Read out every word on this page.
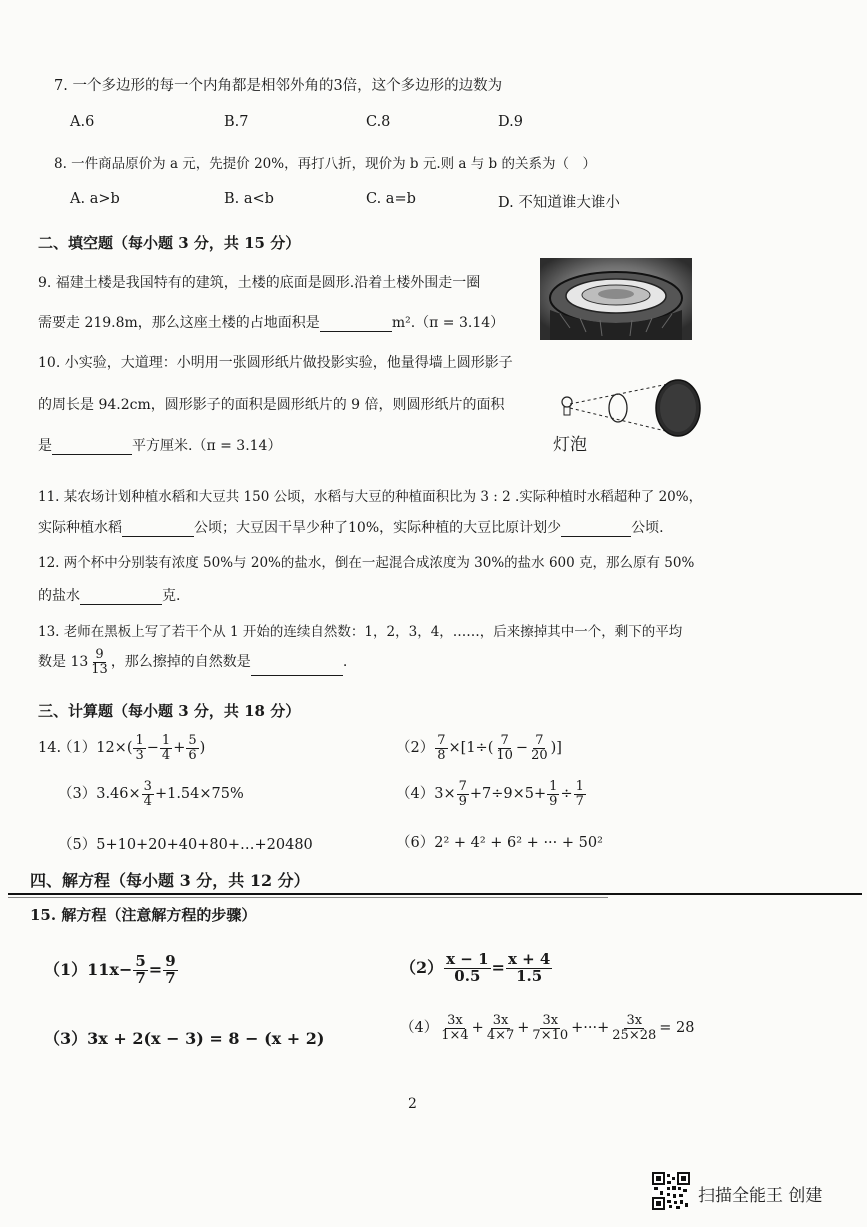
7. 一个多边形的每一个内角都是相邻外角的3倍，这个多边形的边数为
A.6	B.7	C.8	D.9
8. 一件商品原价为 a 元，先提价 20%，再打八折，现价为 b 元.则 a 与 b 的关系为（　）
A. a>b	B. a<b	C. a=b	D. 不知道谁大谁小
二、填空题（每小题 3 分，共 15 分）
9. 福建土楼是我国特有的建筑，土楼的底面是圆形.沿着土楼外围走一圈
需要走 219.8m，那么这座土楼的占地面积是	m².（π = 3.14）
10. 小实验，大道理：小明用一张圆形纸片做投影实验，他量得墙上圆形影子
的周长是 94.2cm，圆形影子的面积是圆形纸片的 9 倍，则圆形纸片的面积
是	平方厘米.（π = 3.14）	灯泡
11. 某农场计划种植水稻和大豆共 150 公顷，水稻与大豆的种植面积比为 3 : 2 .实际种植时水稻超种了 20%，
实际种植水稻	公顷；大豆因干旱少种了10%，实际种植的大豆比原计划少	公顷.
12. 两个杯中分别装有浓度 50%与 20%的盐水，倒在一起混合成浓度为 30%的盐水 600 克，那么原有 50%
的盐水	克.
13. 老师在黑板上写了若干个从 1 开始的连续自然数：1，2，3，4，……，后来擦掉其中一个，剩下的平均
数是 $13 \frac{9}{13}$ ，那么擦掉的自然数是	.
三、计算题（每小题 3 分，共 18 分）
14.
$(1)12\times( \frac{1}{3} - \frac{1}{4} + \frac{5}{6}$ )	$(2) \frac{7}{8} \times[1\div( \frac{7}{10} - \frac{7}{20}$ )]
$(3)3.46\times \frac{3}{4} +1.54\times 75\%$	$(4)3\times \frac{7}{9} +7\div 9\times 5+ \frac{1}{9} \div \frac{1}{7}$
（5）5+10+20+40+80+…+20480	（6）2² + 4² + 6² + ··· + 50²
四、解方程（每小题 3 分，共 12 分）
15. 解方程（注意解方程的步骤）
$(1)11x- \frac{5}{7} = \frac{9}{7}$	$(2) \frac{x - 1}{0.5} = \frac{x + 4}{1.5}$
（3）3x + 2(x − 3) = 8 − (x + 2)
$(4) \frac{3x}{1\times 4} + \frac{3x}{4\times 7} + \frac{3x}{7\times 10}$ +···+ $\frac{3x}{25\times 28} = 28$
2
扫描全能王 创建
